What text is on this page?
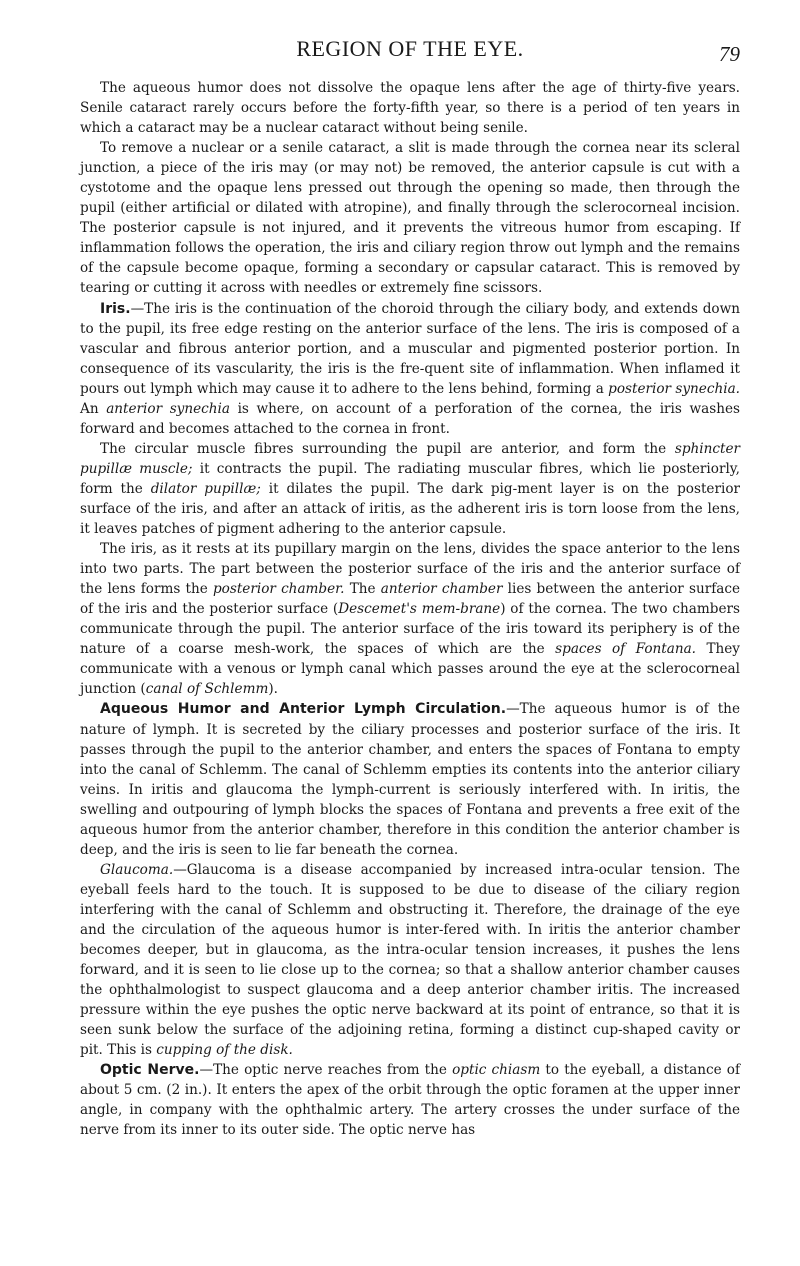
REGION OF THE EYE.	79

The aqueous humor does not dissolve the opaque lens after the age of thirty-five years. Senile cataract rarely occurs before the forty-fifth year, so there is a period of ten years in which a cataract may be a nuclear cataract without being senile.

To remove a nuclear or a senile cataract, a slit is made through the cornea near its scleral junction, a piece of the iris may (or may not) be removed, the anterior capsule is cut with a cystotome and the opaque lens pressed out through the opening so made, then through the pupil (either artificial or dilated with atropine), and finally through the sclerocorneal incision. The posterior capsule is not injured, and it prevents the vitreous humor from escaping. If inflammation follows the operation, the iris and ciliary region throw out lymph and the remains of the capsule become opaque, forming a secondary or capsular cataract. This is removed by tearing or cutting it across with needles or extremely fine scissors.

Iris.—The iris is the continuation of the choroid through the ciliary body, and extends down to the pupil, its free edge resting on the anterior surface of the lens. The iris is composed of a vascular and fibrous anterior portion, and a muscular and pigmented posterior portion. In consequence of its vascularity, the iris is the fre-quent site of inflammation. When inflamed it pours out lymph which may cause it to adhere to the lens behind, forming a posterior synechia. An anterior synechia is where, on account of a perforation of the cornea, the iris washes forward and becomes attached to the cornea in front.

The circular muscle fibres surrounding the pupil are anterior, and form the sphincter pupillæ muscle; it contracts the pupil. The radiating muscular fibres, which lie posteriorly, form the dilator pupillæ; it dilates the pupil. The dark pig-ment layer is on the posterior surface of the iris, and after an attack of iritis, as the adherent iris is torn loose from the lens, it leaves patches of pigment adhering to the anterior capsule.

The iris, as it rests at its pupillary margin on the lens, divides the space anterior to the lens into two parts. The part between the posterior surface of the iris and the anterior surface of the lens forms the posterior chamber. The anterior chamber lies between the anterior surface of the iris and the posterior surface (Descemet's mem-brane) of the cornea. The two chambers communicate through the pupil. The anterior surface of the iris toward its periphery is of the nature of a coarse mesh-work, the spaces of which are the spaces of Fontana. They communicate with a venous or lymph canal which passes around the eye at the sclerocorneal junction (canal of Schlemm).

Aqueous Humor and Anterior Lymph Circulation.—The aqueous humor is of the nature of lymph. It is secreted by the ciliary processes and posterior surface of the iris. It passes through the pupil to the anterior chamber, and enters the spaces of Fontana to empty into the canal of Schlemm. The canal of Schlemm empties its contents into the anterior ciliary veins. In iritis and glaucoma the lymph-current is seriously interfered with. In iritis, the swelling and outpouring of lymph blocks the spaces of Fontana and prevents a free exit of the aqueous humor from the anterior chamber, therefore in this condition the anterior chamber is deep, and the iris is seen to lie far beneath the cornea.

Glaucoma.—Glaucoma is a disease accompanied by increased intra-ocular tension. The eyeball feels hard to the touch. It is supposed to be due to disease of the ciliary region interfering with the canal of Schlemm and obstructing it. Therefore, the drainage of the eye and the circulation of the aqueous humor is inter-fered with. In iritis the anterior chamber becomes deeper, but in glaucoma, as the intra-ocular tension increases, it pushes the lens forward, and it is seen to lie close up to the cornea; so that a shallow anterior chamber causes the ophthalmologist to suspect glaucoma and a deep anterior chamber iritis. The increased pressure within the eye pushes the optic nerve backward at its point of entrance, so that it is seen sunk below the surface of the adjoining retina, forming a distinct cup-shaped cavity or pit. This is cupping of the disk.

Optic Nerve.—The optic nerve reaches from the optic chiasm to the eyeball, a distance of about 5 cm. (2 in.). It enters the apex of the orbit through the optic foramen at the upper inner angle, in company with the ophthalmic artery. The artery crosses the under surface of the nerve from its inner to its outer side. The optic nerve has
